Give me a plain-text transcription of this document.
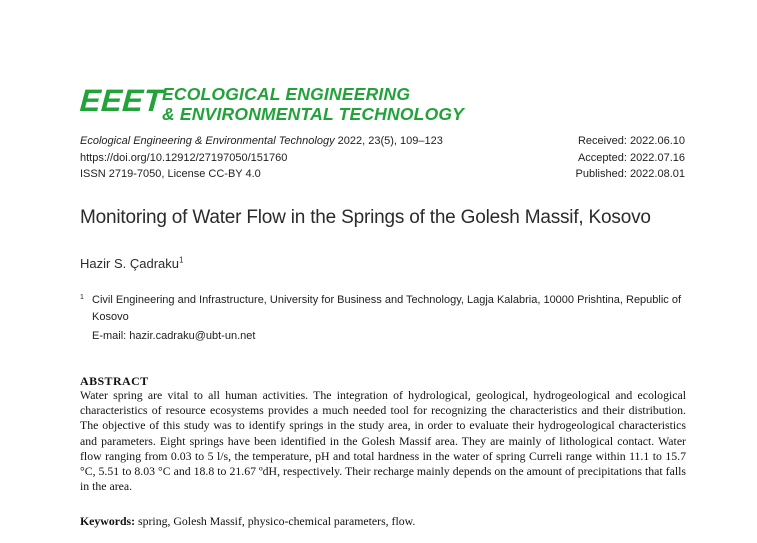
EEET
ECOLOGICAL ENGINEERING
& ENVIRONMENTAL TECHNOLOGY
Ecological Engineering & Environmental Technology 2022, 23(5), 109–123
https://doi.org/10.12912/27197050/151760
ISSN 2719-7050, License CC-BY 4.0
Received: 2022.06.10
Accepted: 2022.07.16
Published: 2022.08.01
Monitoring of Water Flow in the Springs of the Golesh Massif, Kosovo
Hazir S. Çadraku$^1$
1 Civil Engineering and Infrastructure, University for Business and Technology, Lagja Kalabria, 10000 Prishtina, Republic of Kosovo
E-mail: hazir.cadraku@ubt-un.net
ABSTRACT
Water spring are vital to all human activities. The integration of hydrological, geological, hydrogeological and ecological characteristics of resource ecosystems provides a much needed tool for recognizing the characteristics and their distribution. The objective of this study was to identify springs in the study area, in order to evaluate their hydrogeological characteristics and parameters. Eight springs have been identified in the Golesh Massif area. They are mainly of lithological contact. Water flow ranging from 0.03 to 5 l/s, the temperature, pH and total hardness in the water of spring Curreli range within 11.1 to 15.7 °C, 5.51 to 8.03 °C and 18.8 to 21.67 ºdH, respectively. Their recharge mainly depends on the amount of precipitations that falls in the area.
Keywords: spring, Golesh Massif, physico-chemical parameters, flow.
